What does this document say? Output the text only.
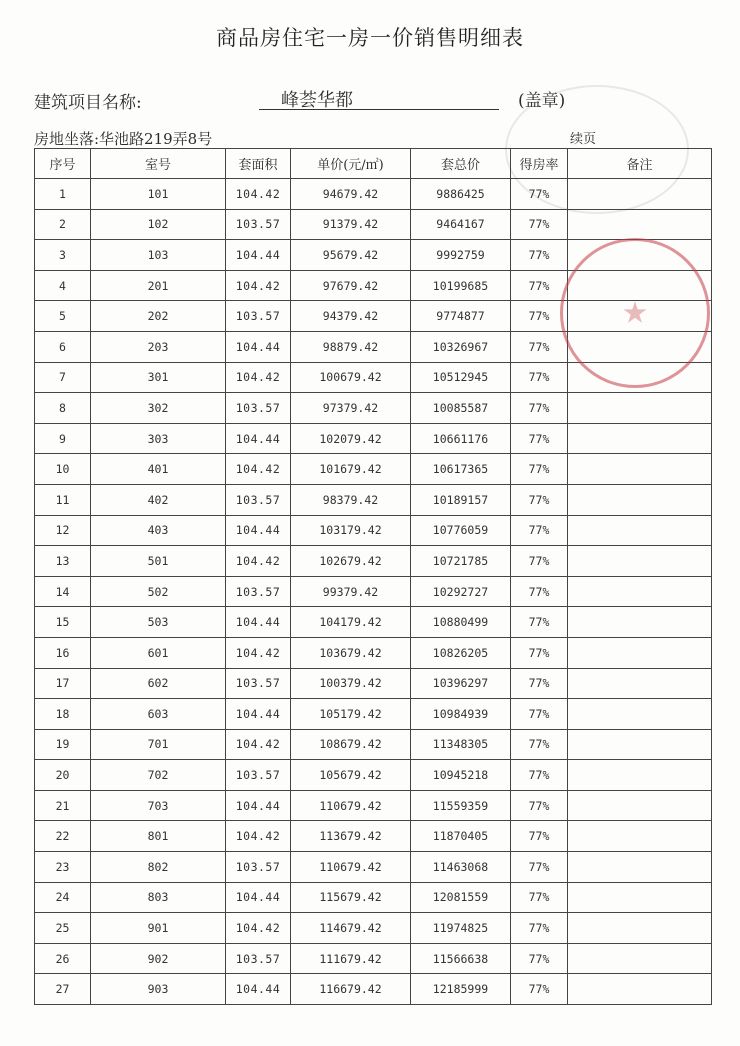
商品房住宅一房一价销售明细表
建筑项目名称:	峰荟华都	(盖章)
房地坐落:华池路219弄8号	续页
序号	室号	套面积	单价(元/㎡)	套总价	得房率	备注
1	101	104.42	94679.42	9886425	77%	
2	102	103.57	91379.42	9464167	77%	
3	103	104.44	95679.42	9992759	77%	
4	201	104.42	97679.42	10199685	77%	
5	202	103.57	94379.42	9774877	77%	
6	203	104.44	98879.42	10326967	77%	
7	301	104.42	100679.42	10512945	77%	
8	302	103.57	97379.42	10085587	77%	
9	303	104.44	102079.42	10661176	77%	
10	401	104.42	101679.42	10617365	77%	
11	402	103.57	98379.42	10189157	77%	
12	403	104.44	103179.42	10776059	77%	
13	501	104.42	102679.42	10721785	77%	
14	502	103.57	99379.42	10292727	77%	
15	503	104.44	104179.42	10880499	77%	
16	601	104.42	103679.42	10826205	77%	
17	602	103.57	100379.42	10396297	77%	
18	603	104.44	105179.42	10984939	77%	
19	701	104.42	108679.42	11348305	77%	
20	702	103.57	105679.42	10945218	77%	
21	703	104.44	110679.42	11559359	77%	
22	801	104.42	113679.42	11870405	77%	
23	802	103.57	110679.42	11463068	77%	
24	803	104.44	115679.42	12081559	77%	
25	901	104.42	114679.42	11974825	77%	
26	902	103.57	111679.42	11566638	77%	
27	903	104.44	116679.42	12185999	77%	
